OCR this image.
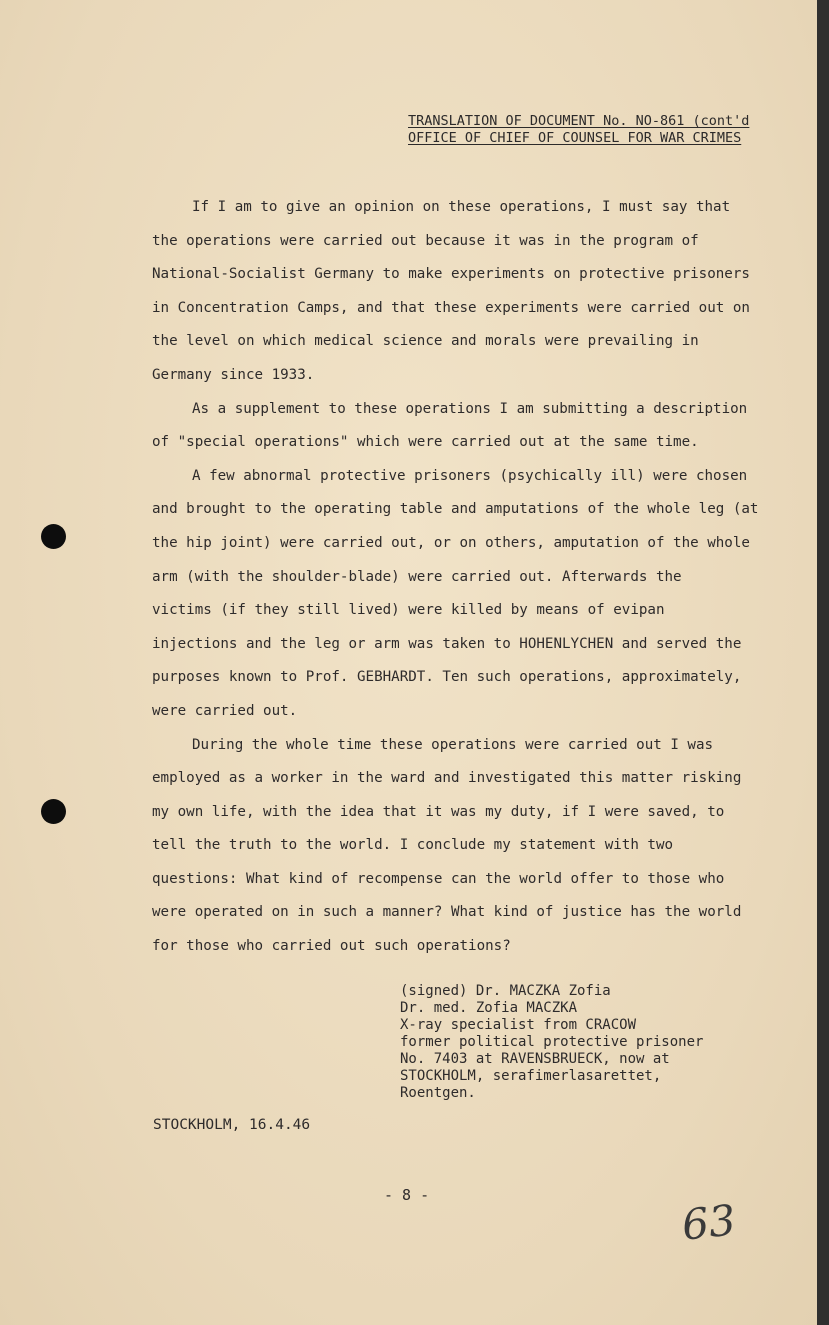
TRANSLATION OF DOCUMENT No. NO-861 (cont'd
OFFICE OF CHIEF OF COUNSEL FOR WAR CRIMES
If I am to give an opinion on these operations, I must say that
the operations were carried out because it was in the program of
National-Socialist Germany to make experiments on protective prisoners
in Concentration Camps, and that these experiments were carried out on
the level on which medical science and morals were prevailing in
Germany since 1933.
As a supplement to these operations I am submitting a description
of "special operations" which were carried out at the same time.
A few abnormal protective prisoners (psychically ill) were chosen
and brought to the operating table and amputations of the whole leg (at
the hip joint) were carried out, or on others, amputation of the whole
arm (with the shoulder-blade) were carried out. Afterwards the
victims (if they still lived) were killed by means of evipan
injections and the leg or arm was taken to HOHENLYCHEN and served the
purposes known to Prof. GEBHARDT. Ten such operations, approximately,
were carried out.
During the whole time these operations were carried out I was
employed as a worker in the ward and investigated this matter risking
my own life, with the idea that it was my duty, if I were saved, to
tell the truth to the world. I conclude my statement with two
questions: What kind of recompense can the world offer to those who
were operated on in such a manner? What kind of justice has the world
for those who carried out such operations?
(signed) Dr. MACZKA Zofia
Dr. med. Zofia MACZKA
X-ray specialist from CRACOW
former political protective prisoner
No. 7403 at RAVENSBRUECK, now at
STOCKHOLM, serafimerlasarettet,
Roentgen.
STOCKHOLM, 16.4.46
- 8 -
63
